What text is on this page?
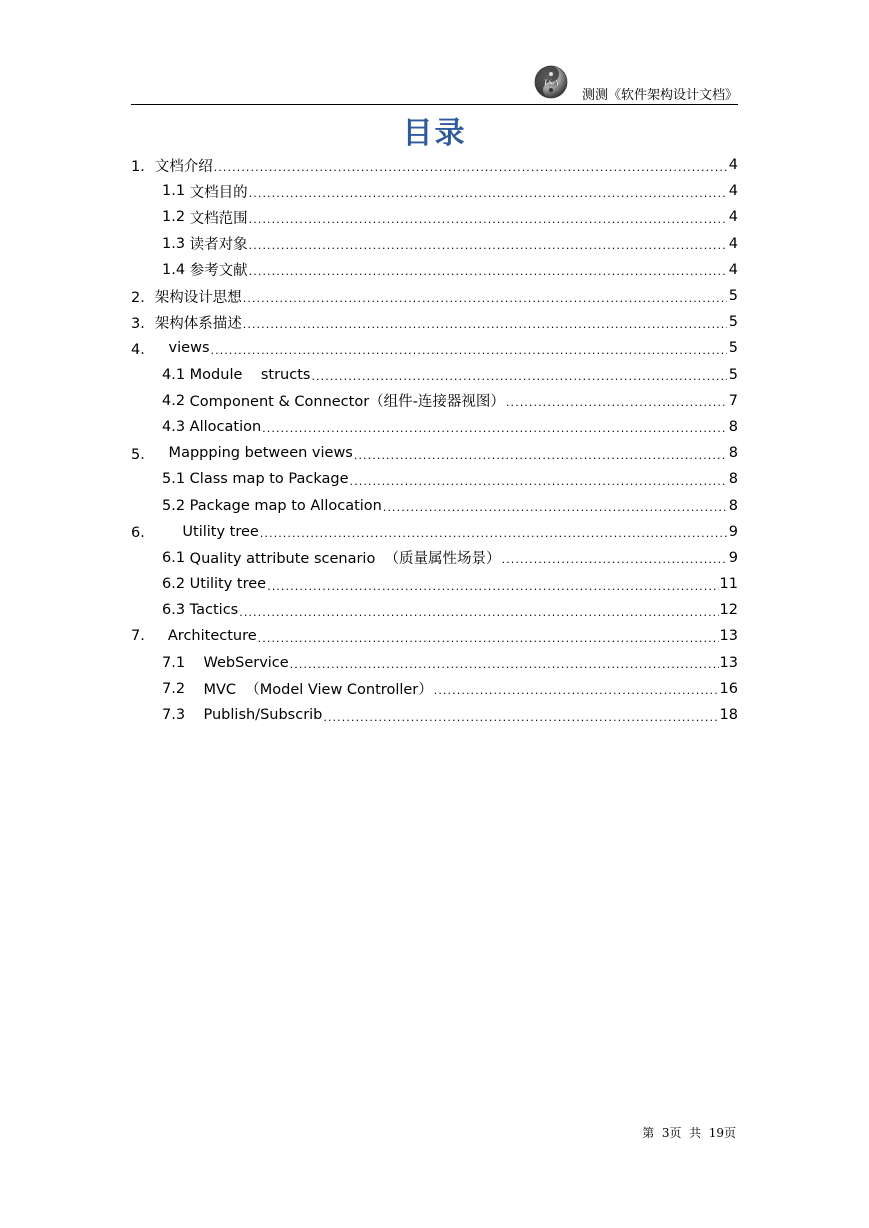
TSA
测测《软件架构设计文档》
目录
1． 文档介绍 .....	4
1.1 文档目的 .....	4
1.2 文档范围 .....	4
1.3 读者对象 .....	4
1.4 参考文献 .....	4
2． 架构设计思想 .....	5
3． 架构体系描述 .....	5
4． views .....	5
4.1 Module    structs .....	5
4.2 Component & Connector（组件-连接器视图） .....	7
4.3 Allocation .....	8
5． Mappping between views .....	8
5.1 Class map to Package .....	8
5.2 Package map to Allocation .....	8
6． Utility tree .....	9
6.1 Quality attribute scenario  （质量属性场景） .....	9
6.2 Utility tree .....	11
6.3 Tactics .....	12
7. Architecture .....	13
7.1 WebService .....	13
7.2 MVC  （Model View Controller） .....	16
7.3 Publish/Subscrib .....	18
第  3页  共  19页
